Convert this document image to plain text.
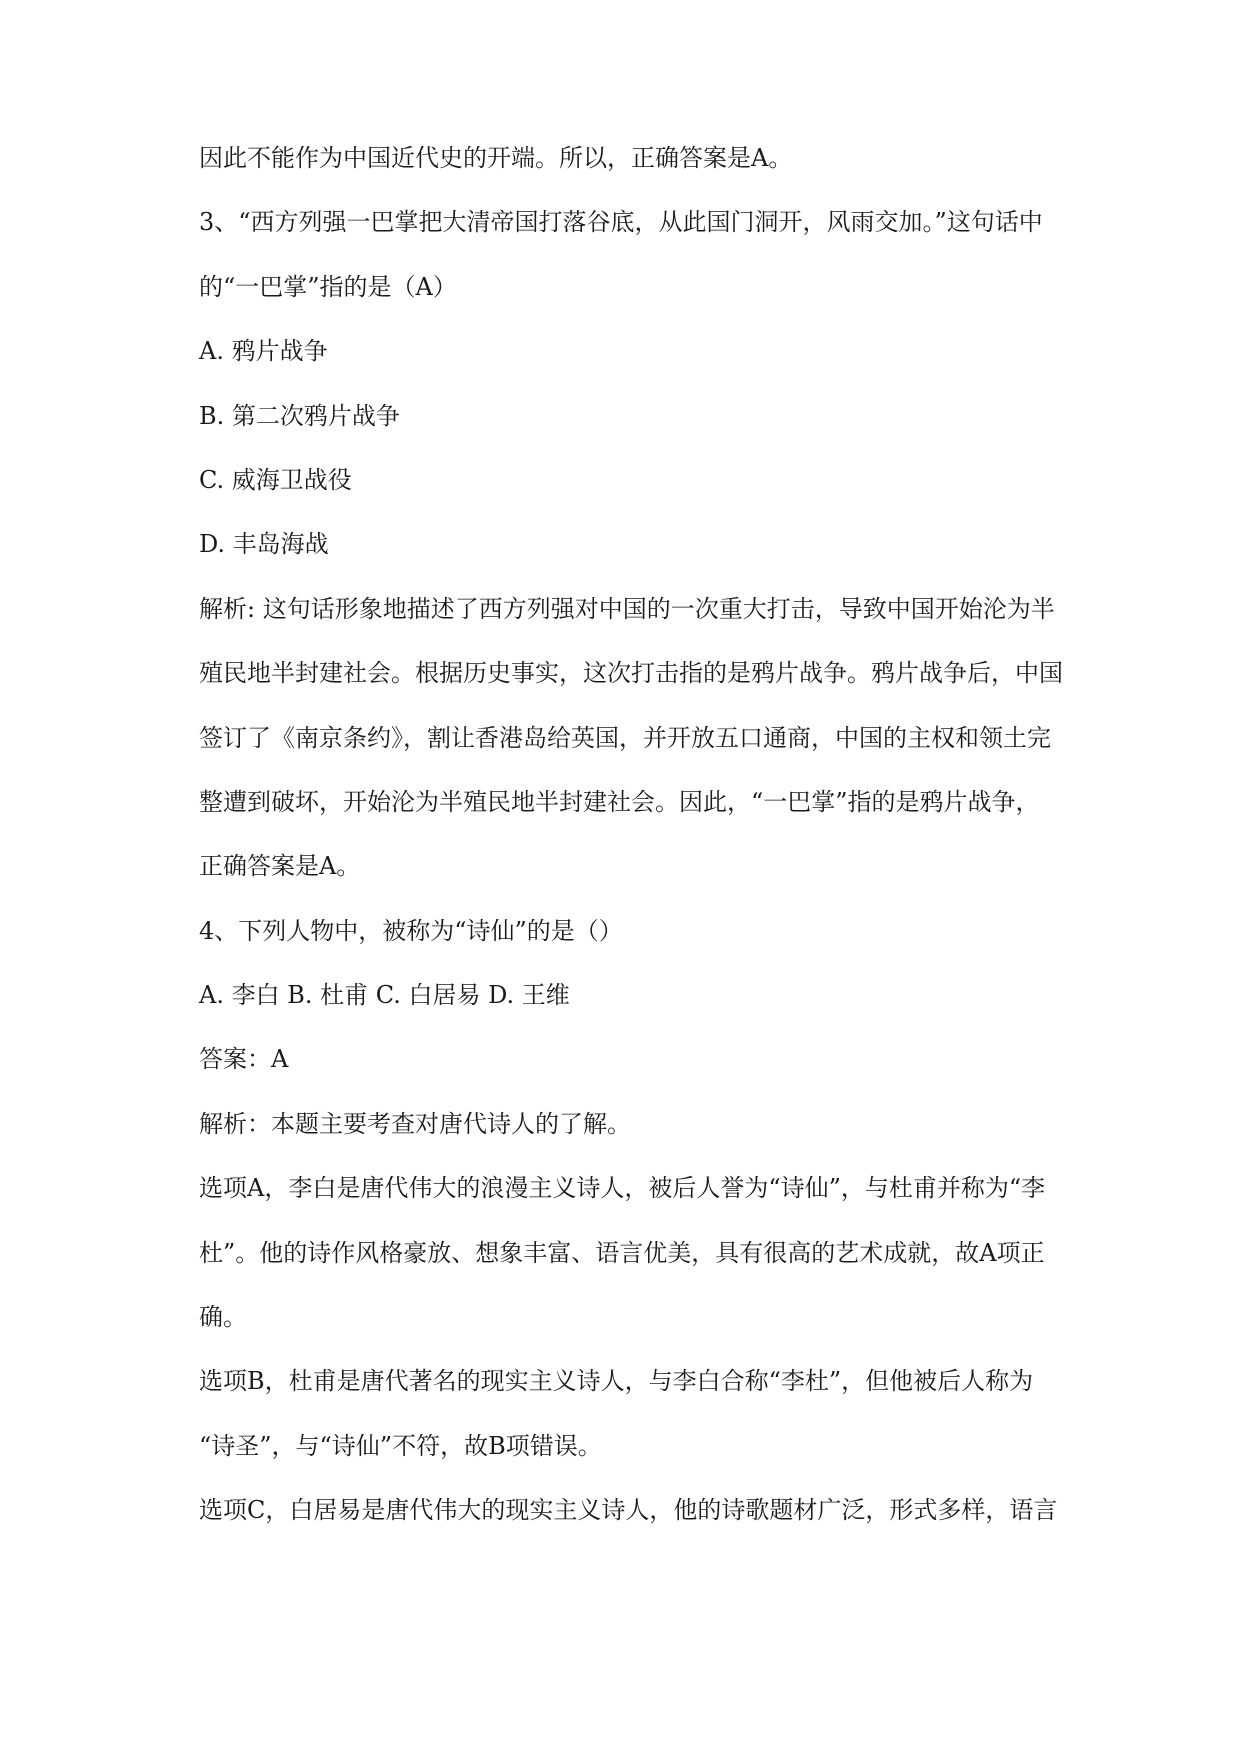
因此不能作为中国近代史的开端。所以，正确答案是A。
3、“西方列强一巴掌把大清帝国打落谷底，从此国门洞开，风雨交加。”这句话中
的“一巴掌”指的是（A）
A. 鸦片战争
B. 第二次鸦片战争
C. 威海卫战役
D. 丰岛海战
解析: 这句话形象地描述了西方列强对中国的一次重大打击，导致中国开始沦为半
殖民地半封建社会。根据历史事实，这次打击指的是鸦片战争。鸦片战争后，中国
签订了《南京条约》，割让香港岛给英国，并开放五口通商，中国的主权和领土完
整遭到破坏，开始沦为半殖民地半封建社会。因此，“一巴掌”指的是鸦片战争，
正确答案是A。
4、下列人物中，被称为“诗仙”的是（）
A. 李白 B. 杜甫 C. 白居易 D. 王维
答案：A
解析：本题主要考查对唐代诗人的了解。
选项A，李白是唐代伟大的浪漫主义诗人，被后人誉为“诗仙”，与杜甫并称为“李
杜”。他的诗作风格豪放、想象丰富、语言优美，具有很高的艺术成就，故A项正
确。
选项B，杜甫是唐代著名的现实主义诗人，与李白合称“李杜”，但他被后人称为
“诗圣”，与“诗仙”不符，故B项错误。
选项C，白居易是唐代伟大的现实主义诗人，他的诗歌题材广泛，形式多样，语言
